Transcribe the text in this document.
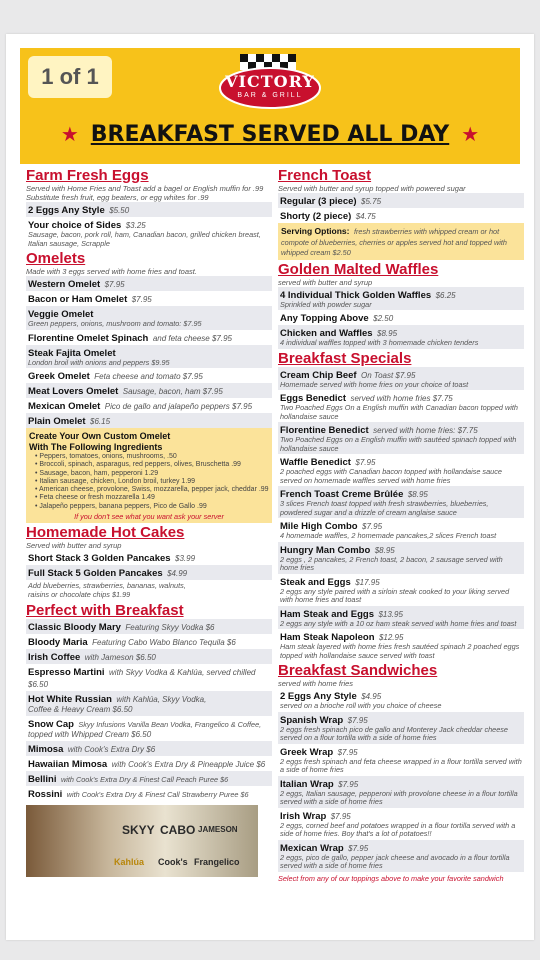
1 of 1	VICTORY
BAR & GRILL
★ BREAKFAST SERVED ALL DAY ★
Farm Fresh Eggs
Served with Home Fries and Toast add a bagel or English muffin for .99 Substitute fresh fruit, egg beaters, or egg whites for .99
2 Eggs Any Style $5.50
Your choice of Sides $3.25
Sausage, bacon, pork roll, ham, Canadian bacon, grilled chicken breast, Italian sausage, Scrapple
Omelets
Made with 3 eggs served with home fries and toast.
Western Omelet $7.95
Bacon or Ham Omelet $7.95
Veggie Omelet
Green peppers, onions, mushroom and tomato: $7.95
Florentine Omelet Spinach and feta cheese $7.95
Steak Fajita Omelet
London broil with onions and peppers $9.95
Greek Omelet Feta cheese and tomato $7.95
Meat Lovers Omelet Sausage, bacon, ham $7.95
Mexican Omelet Pico de gallo and jalapeño peppers $7.95
Plain Omelet $6.15
Create Your Own Custom Omelet
With The Following Ingredients
• Peppers, tomatoes, onions, mushrooms, .50
• Broccoli, spinach, asparagus, red peppers, olives, Bruschetta .99
• Sausage, bacon, ham, pepperoni 1.29
• Italian sausage, chicken, London broil, turkey 1.99
• American cheese, provolone, Swiss, mozzarella, pepper jack, cheddar .99
• Feta cheese or fresh mozzarella 1.49
• Jalapeño peppers, banana peppers, Pico de Gallo .99
If you don't see what you want ask your server
Homemade Hot Cakes
Served with butter and syrup
Short Stack 3 Golden Pancakes $3.99
Full Stack 5 Golden Pancakes $4.99
Add blueberries, strawberries, bananas, walnuts, raisins or chocolate chips $1.99
Perfect with Breakfast
Classic Bloody Mary Featuring Skyy Vodka $6
Bloody Maria Featuring Cabo Wabo Blanco Tequila $6
Irish Coffee with Jameson $6.50
Espresso Martini with Skyy Vodka & Kahlúa, served chilled $6.50
Hot White Russian with Kahlúa, Skyy Vodka,
Coffee & Heavy Cream $6.50
Snow Cap Skyy Infusions Vanilla Bean Vodka, Frangelico & Coffee,
topped with Whipped Cream $6.50
Mimosa with Cook's Extra Dry $6
Hawaiian Mimosa with Cook's Extra Dry & Pineapple Juice $6
Bellini with Cook's Extra Dry & Finest Call Peach Puree $6
Rossini with Cook's Extra Dry & Finest Call Strawberry Puree $6
SKYY CABO JAMESON
Kahlúa Cook's Frangelico
French Toast
Served with butter and syrup topped with powered sugar
Regular (3 piece) $5.75
Shorty (2 piece) $4.75
Serving Options: fresh strawberries with whipped cream or hot compote of blueberries, cherries or apples served hot and topped with whipped cream $2.50
Golden Malted Waffles
served with butter and syrup
4 Individual Thick Golden Waffles $6.25
Sprinkled with powder sugar
Any Topping Above $2.50
Chicken and Waffles $8.95
4 individual waffles topped with 3 homemade chicken tenders
Breakfast Specials
Cream Chip Beef On Toast $7.95
Homemade served with home fries on your choice of toast
Eggs Benedict served with home fries $7.75
Two Poached Eggs On a English muffin with Canadian bacon topped with hollandaise sauce
Florentine Benedict served with home fries: $7.75
Two Poached Eggs on a English muffin with sautéed spinach topped with hollandaise sauce
Waffle Benedict $7.95
2 poached eggs with Canadian bacon topped with hollandaise sauce served on homemade waffles served with home fries
French Toast Creme Brûlée $8.95
3 slices French toast topped with fresh strawberries, blueberries, powdered sugar and a drizzle of cream anglaise sauce
Mile High Combo $7.95
4 homemade waffles, 2 homemade pancakes,2 slices French toast
Hungry Man Combo $8.95
2 eggs , 2 pancakes, 2 French toast, 2 bacon, 2 sausage served with home fries
Steak and Eggs $17.95
2 eggs any style paired with a sirloin steak cooked to your liking served with home fries and toast
Ham Steak and Eggs $13.95
2 eggs any style with a 10 oz ham steak served with home fries and toast
Ham Steak Napoleon $12.95
Ham steak layered with home fries fresh sautéed spinach 2 poached eggs topped with hollandaise sauce served with toast
Breakfast Sandwiches
served with home fries
2 Eggs Any Style $4.95
served on a brioche roll with you choice of cheese
Spanish Wrap $7.95
2 eggs fresh spinach pico de gallo and Monterey Jack cheddar cheese served on a flour tortilla with a side of home fries
Greek Wrap $7.95
2 eggs fresh spinach and feta cheese wrapped in a flour tortilla served with a side of home fries
Italian Wrap $7.95
2 eggs, Italian sausage, pepperoni with provolone cheese in a flour tortilla served with a side of home fries
Irish Wrap $7.95
2 eggs, corned beef and potatoes wrapped in a flour tortilla served with a side of home fries. Boy that's a lot of potatoes!!
Mexican Wrap $7.95
2 eggs, pico de gallo, pepper jack cheese and avocado in a flour tortilla served with a side of home fries
Select from any of our toppings above to make your favorite sandwich
